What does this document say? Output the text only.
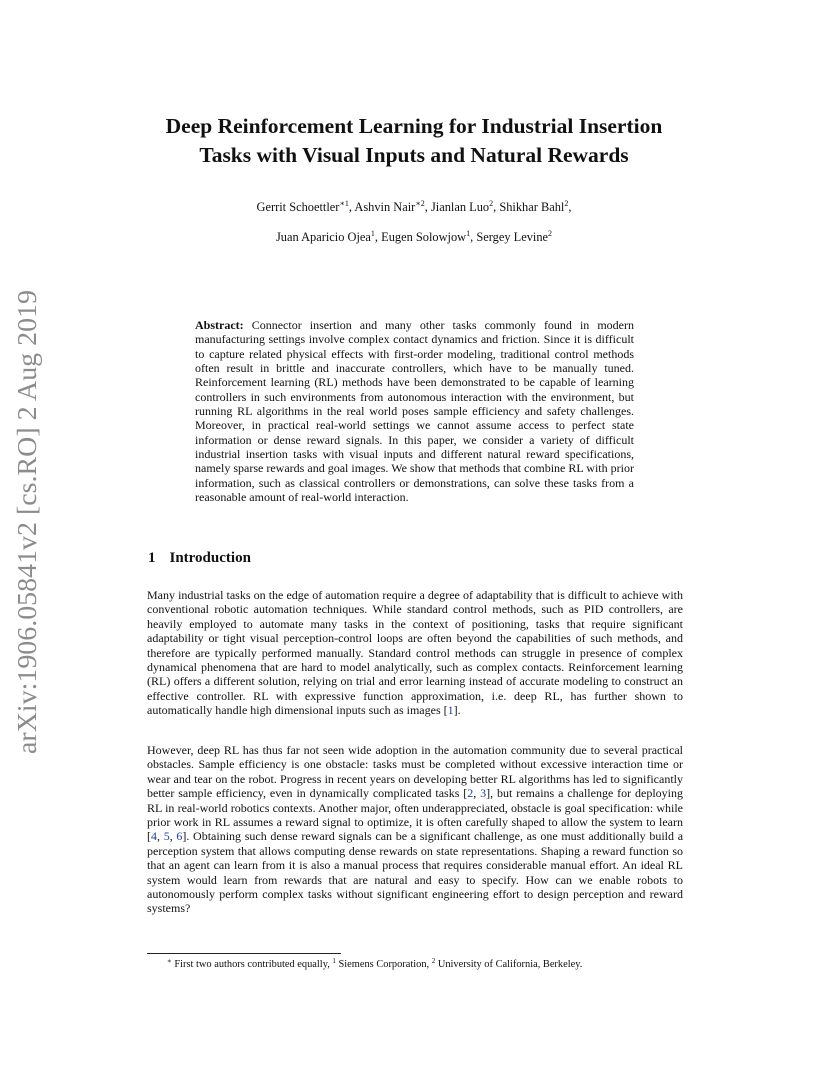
arXiv:1906.05841v2 [cs.RO] 2 Aug 2019
Deep Reinforcement Learning for Industrial Insertion
Tasks with Visual Inputs and Natural Rewards
Gerrit Schoettler$^{∗1}$, Ashvin Nair$^{∗2}$, Jianlan Luo$^2$, Shikhar Bahl$^2$,
Juan Aparicio Ojea$^1$, Eugen Solowjow$^1$, Sergey Levine$^2$

Abstract: Connector insertion and many other tasks commonly found in modern manufacturing settings involve complex contact dynamics and friction. Since it is difficult to capture related physical effects with first-order modeling, traditional control methods often result in brittle and inaccurate controllers, which have to be manually tuned. Reinforcement learning (RL) methods have been demonstrated to be capable of learning controllers in such environments from autonomous interaction with the environment, but running RL algorithms in the real world poses sample efficiency and safety challenges. Moreover, in practical real-world settings we cannot assume access to perfect state information or dense reward signals. In this paper, we consider a variety of difficult industrial insertion tasks with visual inputs and different natural reward specifications, namely sparse rewards and goal images. We show that methods that combine RL with prior information, such as classical controllers or demonstrations, can solve these tasks from a reasonable amount of real-world interaction.

1 Introduction

Many industrial tasks on the edge of automation require a degree of adaptability that is difficult to achieve with conventional robotic automation techniques. While standard control methods, such as PID controllers, are heavily employed to automate many tasks in the context of positioning, tasks that require significant adaptability or tight visual perception-control loops are often beyond the capabilities of such methods, and therefore are typically performed manually. Standard control methods can struggle in presence of complex dynamical phenomena that are hard to model analytically, such as complex contacts. Reinforcement learning (RL) offers a different solution, relying on trial and error learning instead of accurate modeling to construct an effective controller. RL with expressive function approximation, i.e. deep RL, has further shown to automatically handle high dimensional inputs such as images [1].

However, deep RL has thus far not seen wide adoption in the automation community due to several practical obstacles. Sample efficiency is one obstacle: tasks must be completed without excessive interaction time or wear and tear on the robot. Progress in recent years on developing better RL algorithms has led to significantly better sample efficiency, even in dynamically complicated tasks [2, 3], but remains a challenge for deploying RL in real-world robotics contexts. Another major, often underappreciated, obstacle is goal specification: while prior work in RL assumes a reward signal to optimize, it is often carefully shaped to allow the system to learn [4, 5, 6]. Obtaining such dense reward signals can be a significant challenge, as one must additionally build a perception system that allows computing dense rewards on state representations. Shaping a reward function so that an agent can learn from it is also a manual process that requires considerable manual effort. An ideal RL system would learn from rewards that are natural and easy to specify. How can we enable robots to autonomously perform complex tasks without significant engineering effort to design perception and reward systems?

∗ First two authors contributed equally, $^1$ Siemens Corporation, $^2$ University of California, Berkeley.
